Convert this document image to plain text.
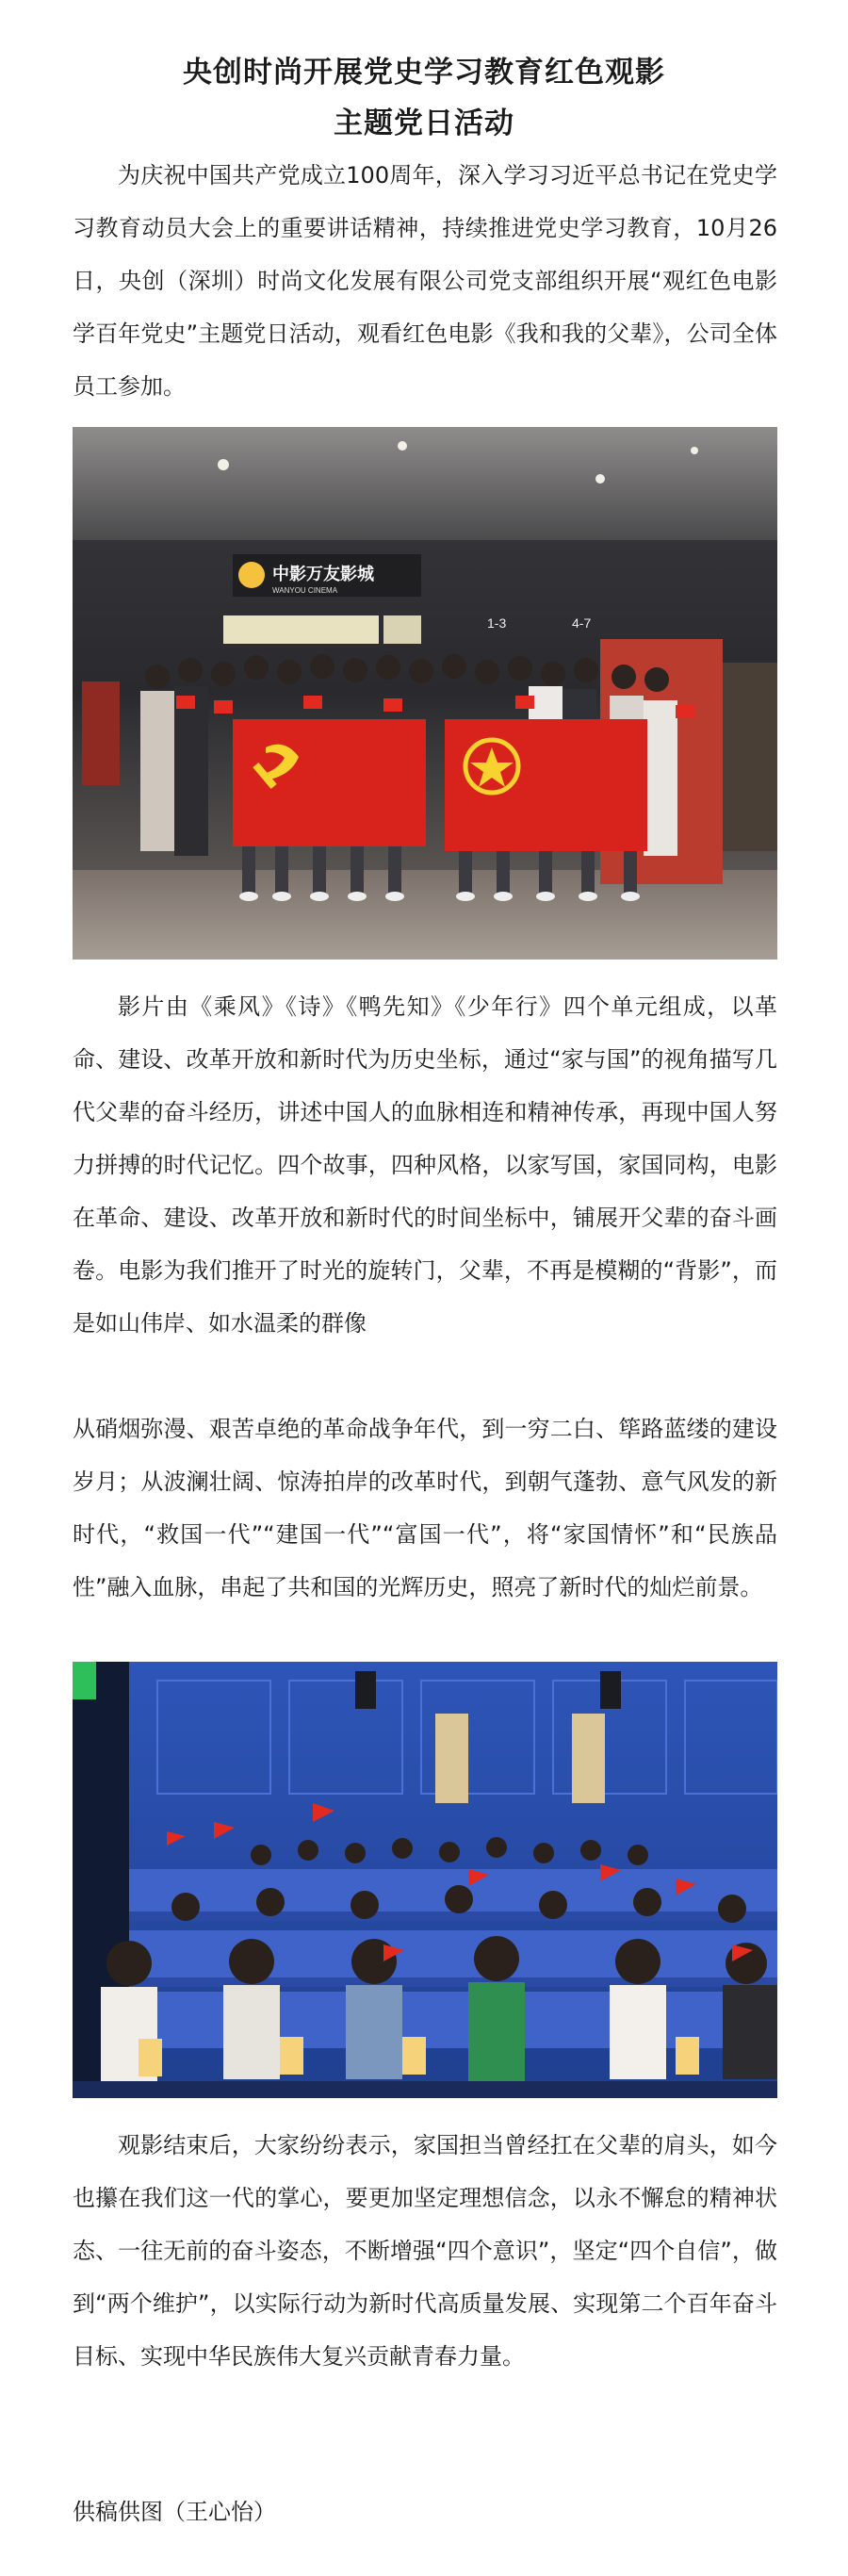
央创时尚开展党史学习教育红色观影
主题党日活动

为庆祝中国共产党成立100周年，深入学习习近平总书记在党史学习教育动员大会上的重要讲话精神，持续推进党史学习教育，10月26日，央创（深圳）时尚文化发展有限公司党支部组织开展“观红色电影 学百年党史”主题党日活动，观看红色电影《我和我的父辈》，公司全体员工参加。

中影万友影城
WANYOU CINEMA
1-3	4-7

影片由《乘风》《诗》《鸭先知》《少年行》四个单元组成，以革命、建设、改革开放和新时代为历史坐标，通过“家与国”的视角描写几代父辈的奋斗经历，讲述中国人的血脉相连和精神传承，再现中国人努力拼搏的时代记忆。四个故事，四种风格，以家写国，家国同构，电影在革命、建设、改革开放和新时代的时间坐标中，铺展开父辈的奋斗画卷。电影为我们推开了时光的旋转门，父辈，不再是模糊的“背影”，而是如山伟岸、如水温柔的群像

从硝烟弥漫、艰苦卓绝的革命战争年代，到一穷二白、筚路蓝缕的建设岁月；从波澜壮阔、惊涛拍岸的改革时代，到朝气蓬勃、意气风发的新时代，“救国一代”“建国一代”“富国一代”，将“家国情怀”和“民族品性”融入血脉，串起了共和国的光辉历史，照亮了新时代的灿烂前景。

观影结束后，大家纷纷表示，家国担当曾经扛在父辈的肩头，如今也攥在我们这一代的掌心，要更加坚定理想信念，以永不懈怠的精神状态、一往无前的奋斗姿态，不断增强“四个意识”，坚定“四个自信”，做到“两个维护”，以实际行动为新时代高质量发展、实现第二个百年奋斗目标、实现中华民族伟大复兴贡献青春力量。

供稿供图（王心怡）
